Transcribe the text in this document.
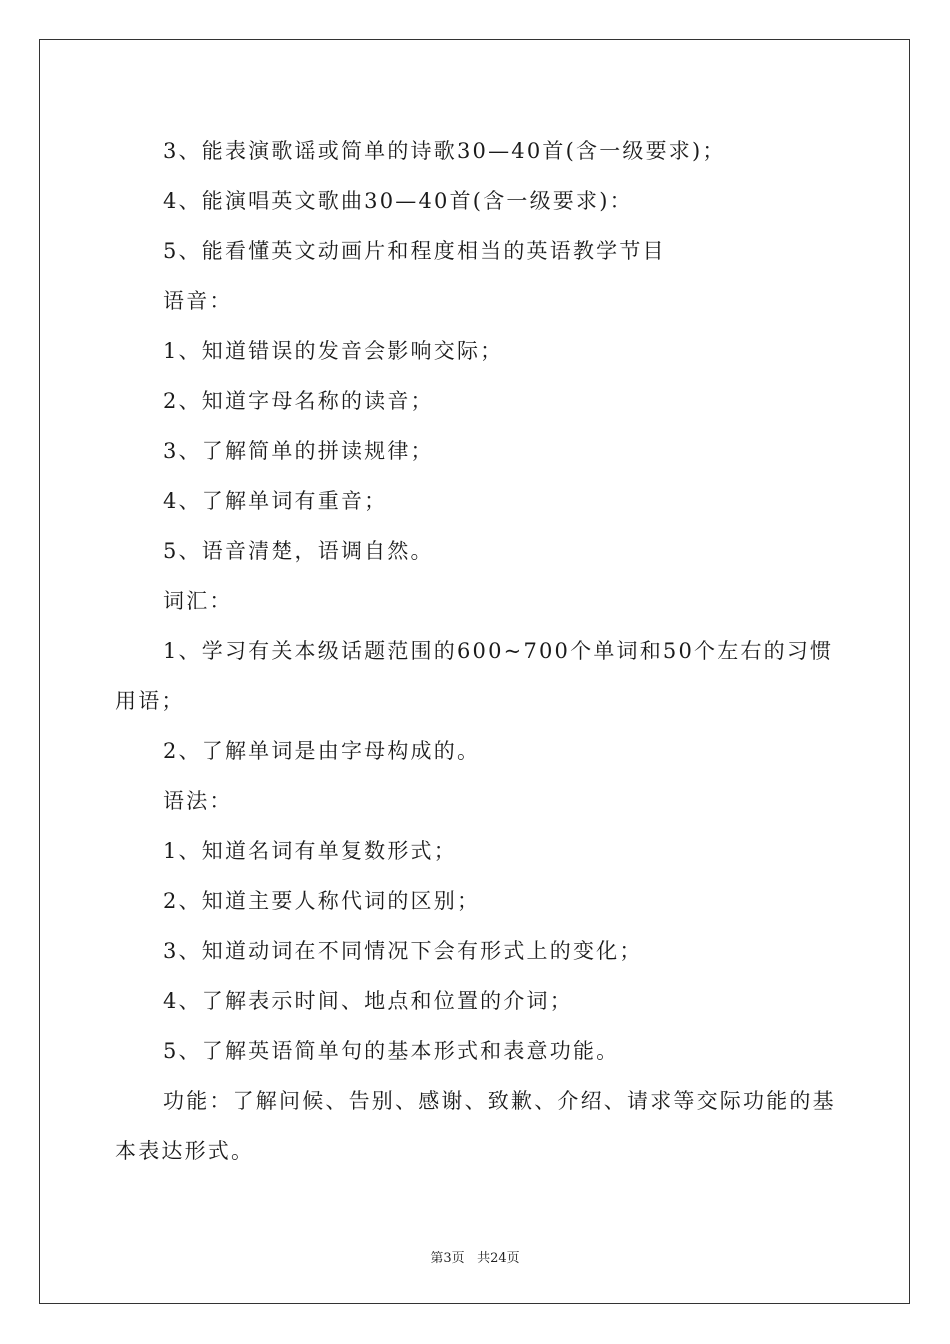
3、能表演歌谣或简单的诗歌30—40首(含一级要求)；

4、能演唱英文歌曲30—40首(含一级要求)：

5、能看懂英文动画片和程度相当的英语教学节目

语音：

1、知道错误的发音会影响交际；

2、知道字母名称的读音；

3、了解简单的拼读规律；

4、了解单词有重音；

5、语音清楚，语调自然。

词汇：

1、学习有关本级话题范围的600~700个单词和50个左右的习惯用语；

2、了解单词是由字母构成的。

语法：

1、知道名词有单复数形式；

2、知道主要人称代词的区别；

3、知道动词在不同情况下会有形式上的变化；

4、了解表示时间、地点和位置的介词；

5、了解英语简单句的基本形式和表意功能。

功能：了解问候、告别、感谢、致歉、介绍、请求等交际功能的基本表达形式。

第3页 共24页
